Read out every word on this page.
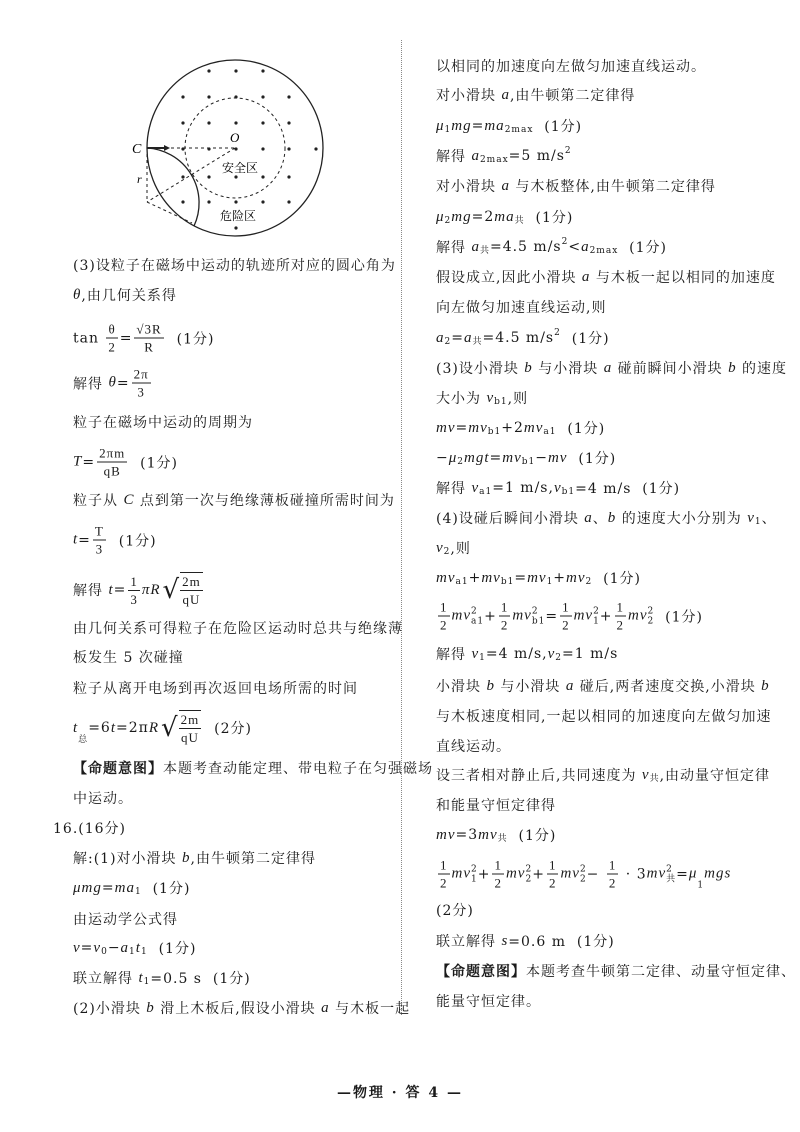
C
O
r
安全区
危险区
(3)设粒子在磁场中运动的轨迹所对应的圆心角为
θ ,由几何关系得
$\tan \frac{\theta}{2} = \frac{√3R}{R} (1$分)
解得 $\theta = \frac{2\pi}{3}$
粒子在磁场中运动的周期为
$T = \frac{2\pi m}{qB} (1$分)
粒子从 C 点到第一次与绝缘薄板碰撞所需时间为
$t = \frac{T}{3} (1$分)
解得 $t = \frac{1}{3}$ πR √ $\frac{2m}{qU}$
由几何关系可得粒子在危险区运动时总共与绝缘薄
板发生 5 次碰撞
粒子从离开电场到再次返回电场所需的时间
t
总
=6 t =2π R √ $\frac{2m}{qU} (2$分)
【命题意图】 本题考查动能定理、带电粒子在匀强磁场
中运动。
16.(16分)
解:(1)对小滑块 b ,由牛顿第二定律得
μmg = ma 1 (1分)
由运动学公式得
v = v 0 − a 1 t 1 (1分)
联立解得 t 1 =0.5 s  (1分)
(2)小滑块 b 滑上木板后,假设小滑块 a 与木板一起
以相同的加速度向左做匀加速直线运动。
对小滑块 a ,由牛顿第二定律得
μ 1 mg = ma 2max (1分)
解得 a 2max =5 m/s 2
对小滑块 a 与木板整体,由牛顿第二定律得
μ 2 mg =2 ma 共 (1分)
解得 a 共 =4.5 m/s 2 < a 2max (1分)
假设成立,因此小滑块 a 与木板一起以相同的加速度
向左做匀加速直线运动,则
a 2 = a 共 =4.5 m/s 2 (1分)
(3)设小滑块 b 与小滑块 a 碰前瞬间小滑块 b 的速度
大小为 v b1 ,则
mv = mv b1 +2 mv a1 (1分)
− μ 2 mgt = mv b1 − mv (1分)
解得 v a1 =1 m/s, v b1 =4 m/s  (1分)
(4)设碰后瞬间小滑块 a 、 b 的速度大小分别为 v 1 、
v 2 ,则
mv a1 + mv b1 = mv 1 + mv 2 (1分)
$\frac{1}{2}$ mv 2
$a1 + \frac{1}{2}$ mv 2
$b1 = \frac{1}{2}$ mv 2
$1 + \frac{1}{2}$ mv 2
2 (1分)
解得 v 1 =4 m/s, v 2 =1 m/s
小滑块 b 与小滑块 a 碰后,两者速度交换,小滑块 b
与木板速度相同,一起以相同的加速度向左做匀加速
直线运动。
设三者相对静止后,共同速度为 v 共 ,由动量守恒定律
和能量守恒定律得
mv =3 mv 共 (1分)
$\frac{1}{2}$ mv 2
$1 + \frac{1}{2}$ mv 2
$2 + \frac{1}{2}$ mv 2
$2 - \frac{1}{2} \cdot 3$ mv 2
共 = μ
1
mgs
(2分)
联立解得 s =0.6 m  (1分)
【命题意图】 本题考查牛顿第二定律、动量守恒定律、
能量守恒定律。
—物理 · 答 4 —
